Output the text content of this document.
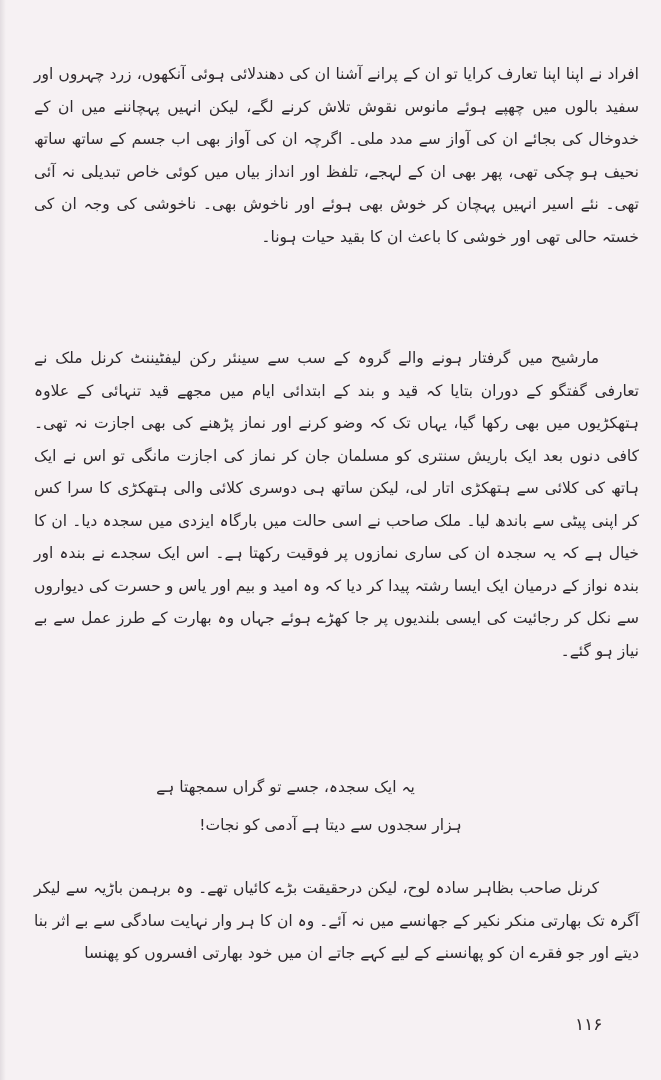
افراد نے اپنا اپنا تعارف کرایا تو ان کے پرانے آشنا ان کی دھندلائی ہوئی آنکھوں، زرد چہروں اور سفید بالوں میں چھپے ہوئے مانوس نقوش تلاش کرنے لگے، لیکن انہیں پہچاننے میں ان کے خدوخال کی بجائے ان کی آواز سے مدد ملی۔ اگرچہ ان کی آواز بھی اب جسم کے ساتھ ساتھ نحیف ہو چکی تھی، پھر بھی ان کے لہجے، تلفظ اور انداز بیاں میں کوئی خاص تبدیلی نہ آئی تھی۔ نئے اسیر انہیں پہچان کر خوش بھی ہوئے اور ناخوش بھی۔ ناخوشی کی وجہ ان کی خستہ حالی تھی اور خوشی کا باعث ان کا بقید حیات ہونا۔

مارشیح میں گرفتار ہونے والے گروہ کے سب سے سینئر رکن لیفٹیننٹ کرنل ملک نے تعارفی گفتگو کے دوران بتایا کہ قید و بند کے ابتدائی ایام میں مجھے قید تنہائی کے علاوہ ہتھکڑیوں میں بھی رکھا گیا، یہاں تک کہ وضو کرنے اور نماز پڑھنے کی بھی اجازت نہ تھی۔ کافی دنوں بعد ایک باریش سنتری کو مسلمان جان کر نماز کی اجازت مانگی تو اس نے ایک ہاتھ کی کلائی سے ہتھکڑی اتار لی، لیکن ساتھ ہی دوسری کلائی والی ہتھکڑی کا سرا کس کر اپنی پیٹی سے باندھ لیا۔ ملک صاحب نے اسی حالت میں بارگاہ ایزدی میں سجدہ دیا۔ ان کا خیال ہے کہ یہ سجدہ ان کی ساری نمازوں پر فوقیت رکھتا ہے۔ اس ایک سجدے نے بندہ اور بندہ نواز کے درمیان ایک ایسا رشتہ پیدا کر دیا کہ وہ امید و بیم اور یاس و حسرت کی دیواروں سے نکل کر رجائیت کی ایسی بلندیوں پر جا کھڑے ہوئے جہاں وہ بھارت کے طرز عمل سے بے نیاز ہو گئے۔

یہ ایک سجدہ، جسے تو گراں سمجھتا ہے
ہزار سجدوں سے دیتا ہے آدمی کو نجات!

کرنل صاحب بظاہر سادہ لوح، لیکن درحقیقت بڑے کائیاں تھے۔ وہ برہمن باڑیہ سے لیکر آگرہ تک بھارتی منکر نکیر کے جھانسے میں نہ آئے۔ وہ ان کا ہر وار نہایت سادگی سے بے اثر بنا دیتے اور جو فقرے ان کو پھانسنے کے لیے کہے جاتے ان میں خود بھارتی افسروں کو پھنسا

۱۱۶
